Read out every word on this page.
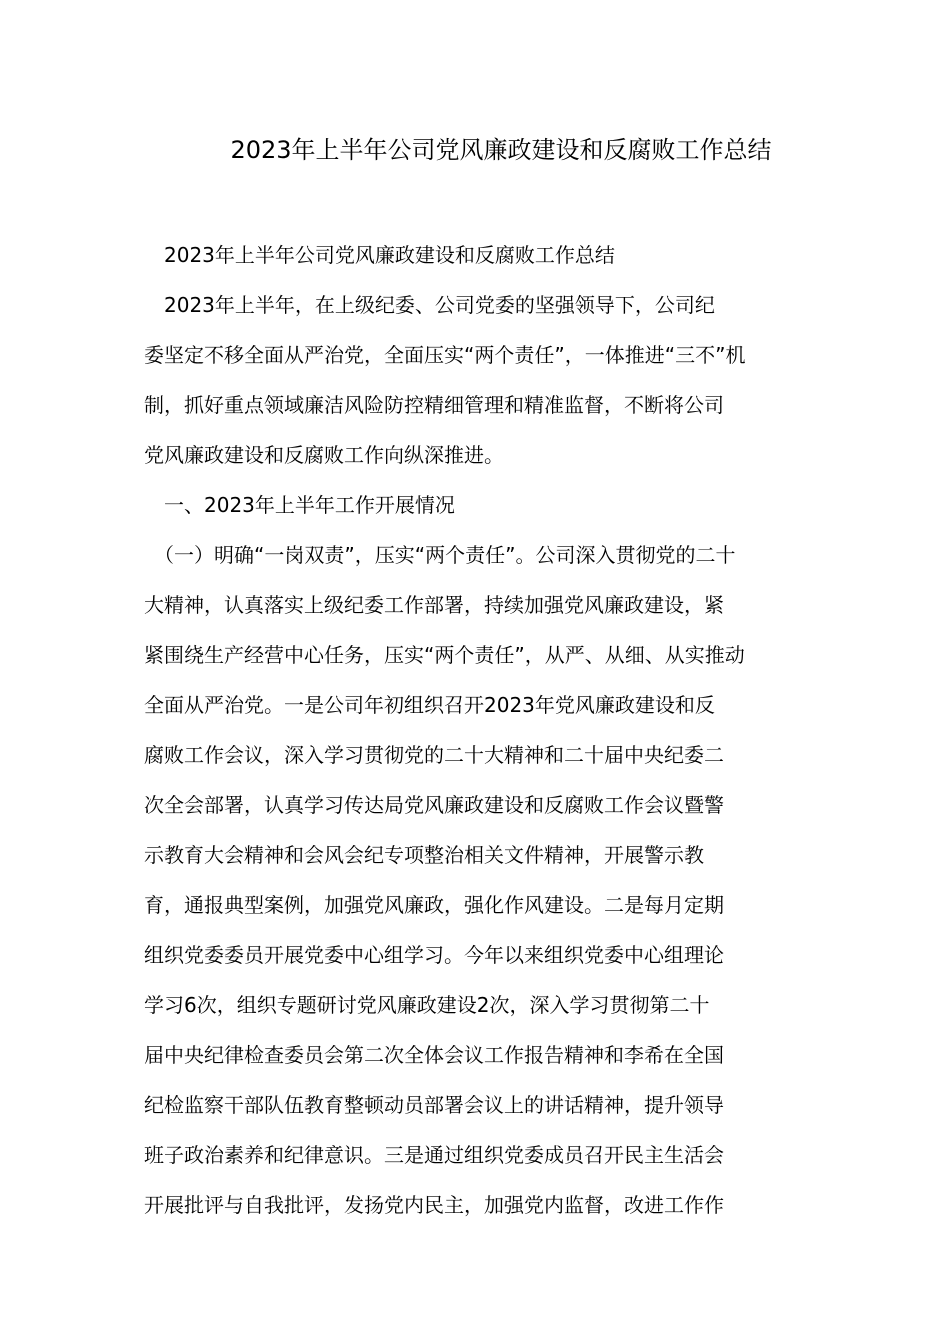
2023年上半年公司党风廉政建设和反腐败工作总结
　2023年上半年公司党风廉政建设和反腐败工作总结
　2023年上半年，在上级纪委、公司党委的坚强领导下，公司纪
委坚定不移全面从严治党，全面压实“两个责任”，一体推进“三不”机
制，抓好重点领域廉洁风险防控精细管理和精准监督，不断将公司
党风廉政建设和反腐败工作向纵深推进。
　一、2023年上半年工作开展情况
　（一）明确“一岗双责”，压实“两个责任”。公司深入贯彻党的二十
大精神，认真落实上级纪委工作部署，持续加强党风廉政建设，紧
紧围绕生产经营中心任务，压实“两个责任”，从严、从细、从实推动
全面从严治党。一是公司年初组织召开2023年党风廉政建设和反
腐败工作会议，深入学习贯彻党的二十大精神和二十届中央纪委二
次全会部署，认真学习传达局党风廉政建设和反腐败工作会议暨警
示教育大会精神和会风会纪专项整治相关文件精神，开展警示教
育，通报典型案例，加强党风廉政，强化作风建设。二是每月定期
组织党委委员开展党委中心组学习。今年以来组织党委中心组理论
学习6次，组织专题研讨党风廉政建设2次，深入学习贯彻第二十
届中央纪律检查委员会第二次全体会议工作报告精神和李希在全国
纪检监察干部队伍教育整顿动员部署会议上的讲话精神，提升领导
班子政治素养和纪律意识。三是通过组织党委成员召开民主生活会
开展批评与自我批评，发扬党内民主，加强党内监督，改进工作作
